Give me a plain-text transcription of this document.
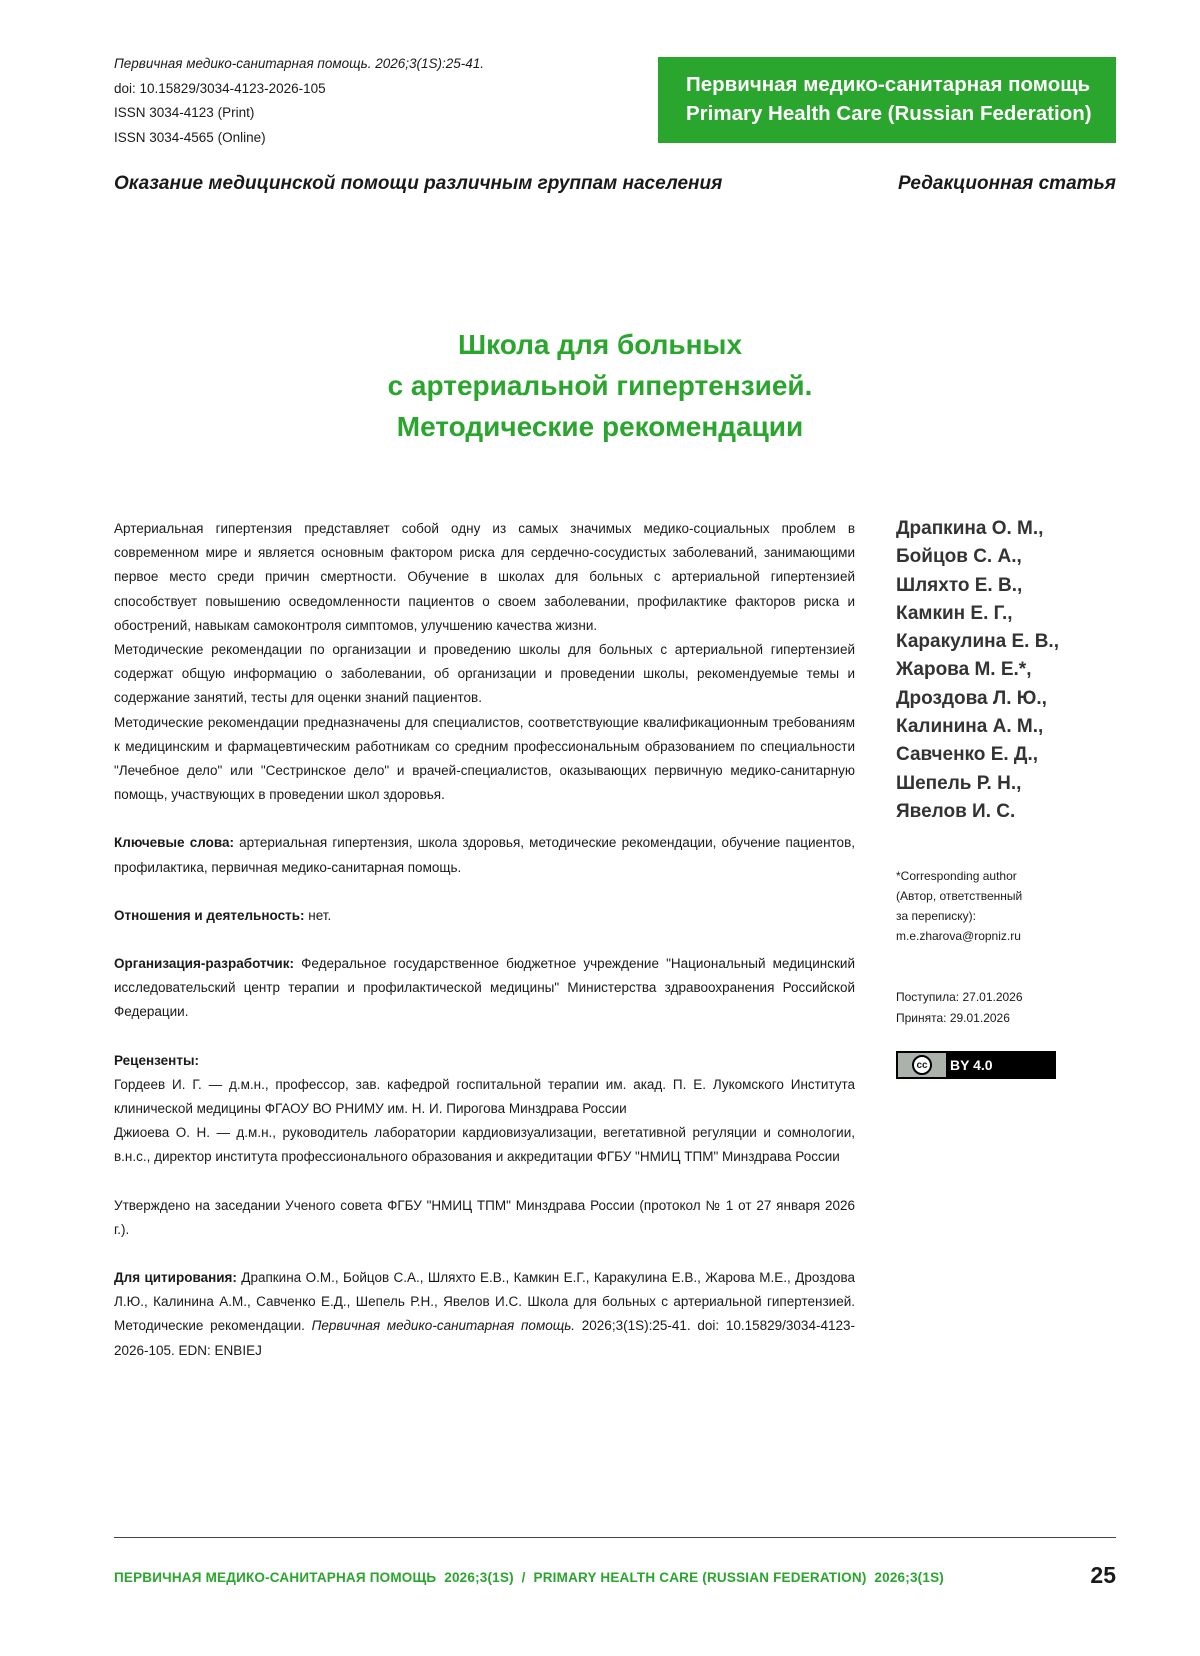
Первичная медико-санитарная помощь. 2026;3(1S):25-41.
doi: 10.15829/3034-4123-2026-105
ISSN 3034-4123 (Print)
ISSN 3034-4565 (Online)
Первичная медико-санитарная помощь
Primary Health Care (Russian Federation)
Оказание медицинской помощи различным группам населения	Редакционная статья
Школа для больных
с артериальной гипертензией.
Методические рекомендации

Артериальная гипертензия представляет собой одну из самых значимых медико-социальных проблем в современном мире и является основным фактором риска для сердечно-сосудистых заболеваний, занимающими первое место среди причин смертности. Обучение в школах для больных с артериальной гипертензией способствует повышению осведомленности пациентов о своем заболевании, профилактике факторов риска и обострений, навыкам самоконтроля симптомов, улучшению качества жизни.

Методические рекомендации по организации и проведению школы для больных с артериальной гипертензией содержат общую информацию о заболевании, об организации и проведении школы, рекомендуемые темы и содержание занятий, тесты для оценки знаний пациентов.

Методические рекомендации предназначены для специалистов, соответствующие квалификационным требованиям к медицинским и фармацевтическим работникам со средним профессиональным образованием по специальности "Лечебное дело" или "Сестринское дело" и врачей-специалистов, оказывающих первичную медико-санитарную помощь, участвующих в проведении школ здоровья.

Ключевые слова: артериальная гипертензия, школа здоровья, методические рекомендации, обучение пациентов, профилактика, первичная медико-санитарная помощь.

Отношения и деятельность: нет.

Организация-разработчик: Федеральное государственное бюджетное учреждение "Национальный медицинский исследовательский центр терапии и профилактической медицины" Министерства здравоохранения Российской Федерации.

Рецензенты:

Гордеев И. Г. — д.м.н., профессор, зав. кафедрой госпитальной терапии им. акад. П. Е. Лукомского Института клинической медицины ФГАОУ ВО РНИМУ им. Н. И. Пирогова Минздрава России

Джиоева О. Н. — д.м.н., руководитель лаборатории кардиовизуализации, вегетативной регуляции и сомнологии, в.н.с., директор института профессионального образования и аккредитации ФГБУ "НМИЦ ТПМ" Минздрава России

Утверждено на заседании Ученого совета ФГБУ "НМИЦ ТПМ" Минздрава России (протокол № 1 от 27 января 2026 г.).

Для цитирования: Драпкина О.М., Бойцов С.А., Шляхто Е.В., Камкин Е.Г., Каракулина Е.В., Жарова М.Е., Дроздова Л.Ю., Калинина А.М., Савченко Е.Д., Шепель Р.Н., Явелов И.С. Школа для больных с артериальной гипертензией. Методические рекомендации. Первичная медико-санитарная помощь. 2026;3(1S):25-41. doi: 10.15829/3034-4123-2026-105. EDN: ENBIEJ

Драпкина О. М.,
Бойцов С. А.,
Шляхто Е. В.,
Камкин Е. Г.,
Каракулина Е. В.,
Жарова М. Е.*,
Дроздова Л. Ю.,
Калинина А. М.,
Савченко Е. Д.,
Шепель Р. Н.,
Явелов И. С.
*Corresponding author
(Автор, ответственный
за переписку):
m.e.zharova@ropniz.ru
Поступила: 27.01.2026
Принята: 29.01.2026
cc	BY 4.0
ПЕРВИЧНАЯ МЕДИКО-САНИТАРНАЯ ПОМОЩЬ  2026;3(1S)  /  PRIMARY HEALTH CARE (RUSSIAN FEDERATION)  2026;3(1S)	25
